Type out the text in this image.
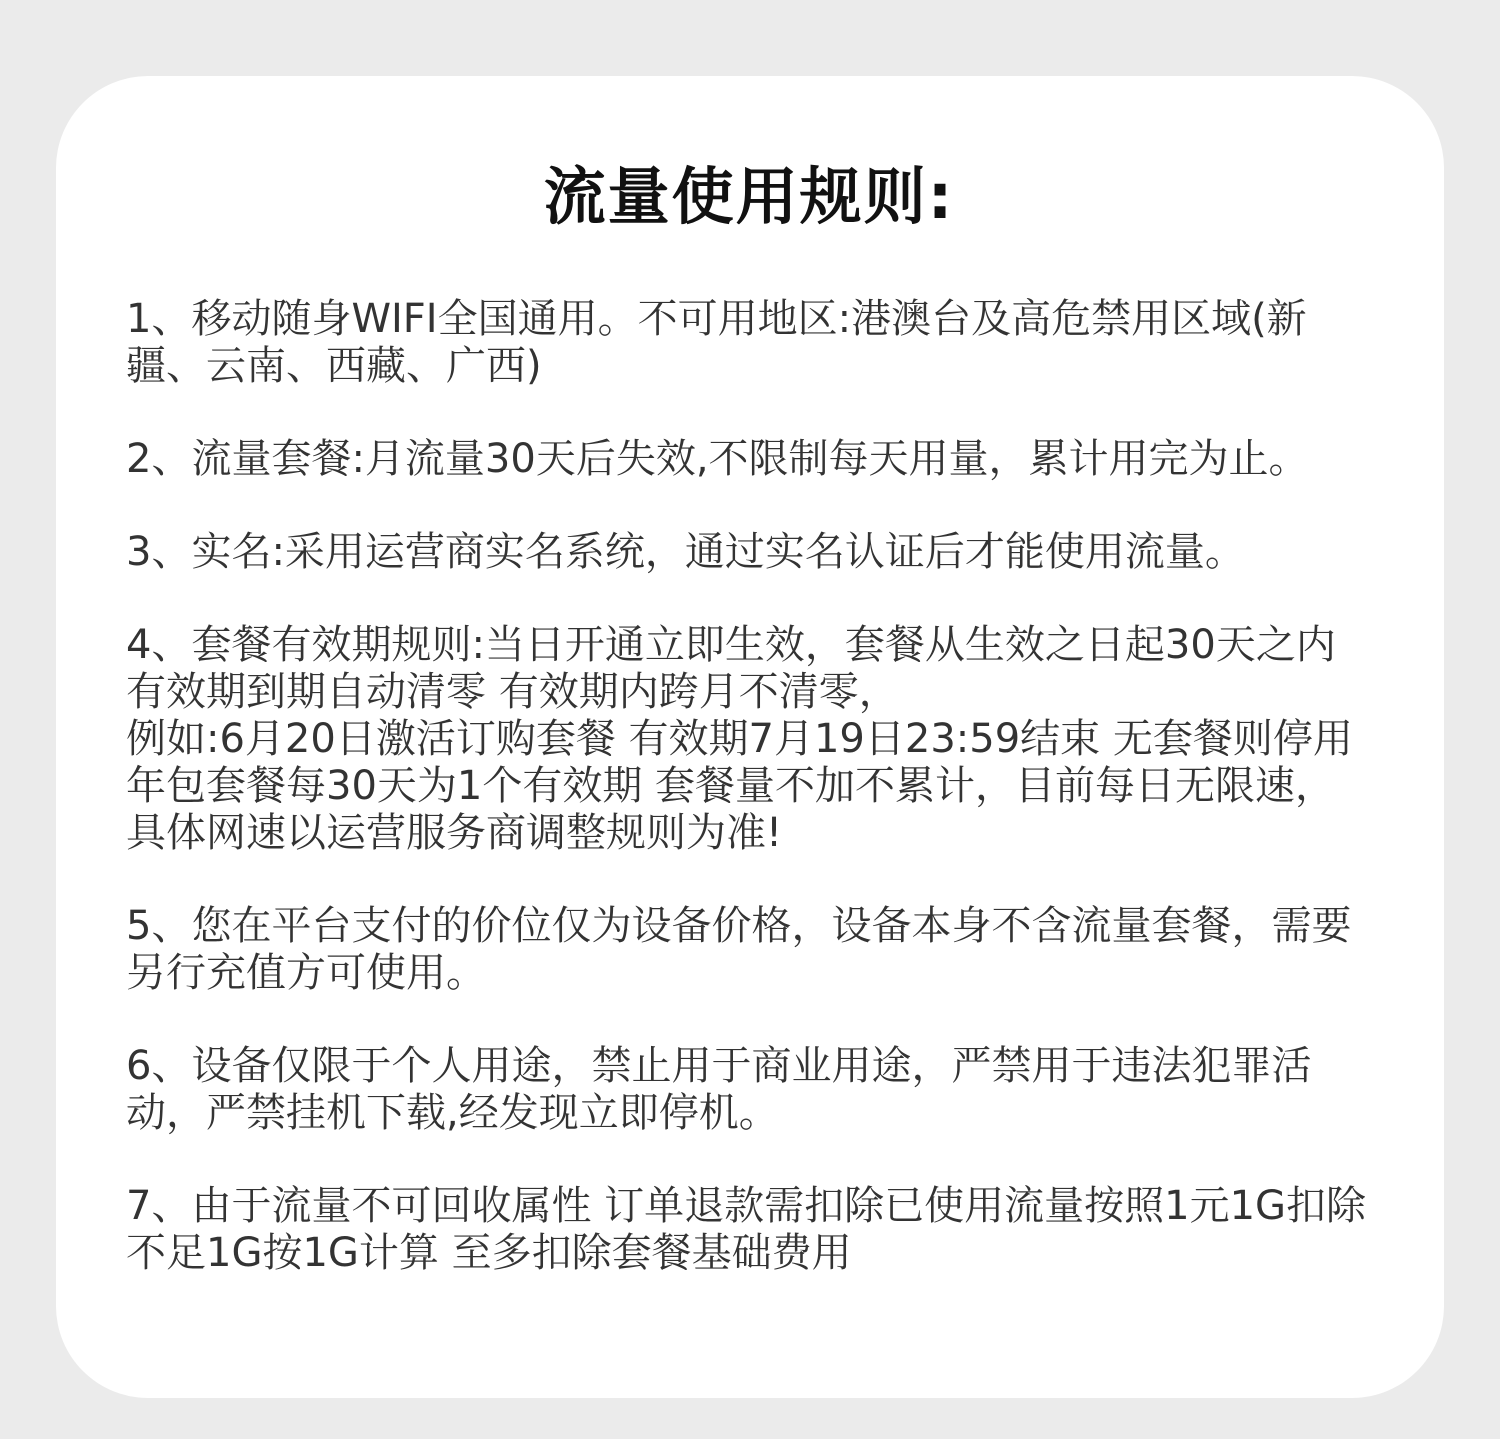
流量使用规则:

1、移动随身WIFI全国通用。不可用地区:港澳台及高危禁用区域(新疆、云南、西藏、广西)

2、流量套餐:月流量30天后失效,不限制每天用量，累计用完为止。

3、实名:采用运营商实名系统，通过实名认证后才能使用流量。

4、套餐有效期规则:当日开通立即生效，套餐从生效之日起30天之内有效期到期自动清零 有效期内跨月不清零，
例如:6月20日激活订购套餐 有效期7月19日23:59结束 无套餐则停用年包套餐每30天为1个有效期 套餐量不加不累计，目前每日无限速，具体网速以运营服务商调整规则为准!

5、您在平台支付的价位仅为设备价格，设备本身不含流量套餐，需要另行充值方可使用。

6、设备仅限于个人用途，禁止用于商业用途，严禁用于违法犯罪活动，严禁挂机下载,经发现立即停机。

7、由于流量不可回收属性 订单退款需扣除已使用流量按照1元1G扣除 不足1G按1G计算 至多扣除套餐基础费用
